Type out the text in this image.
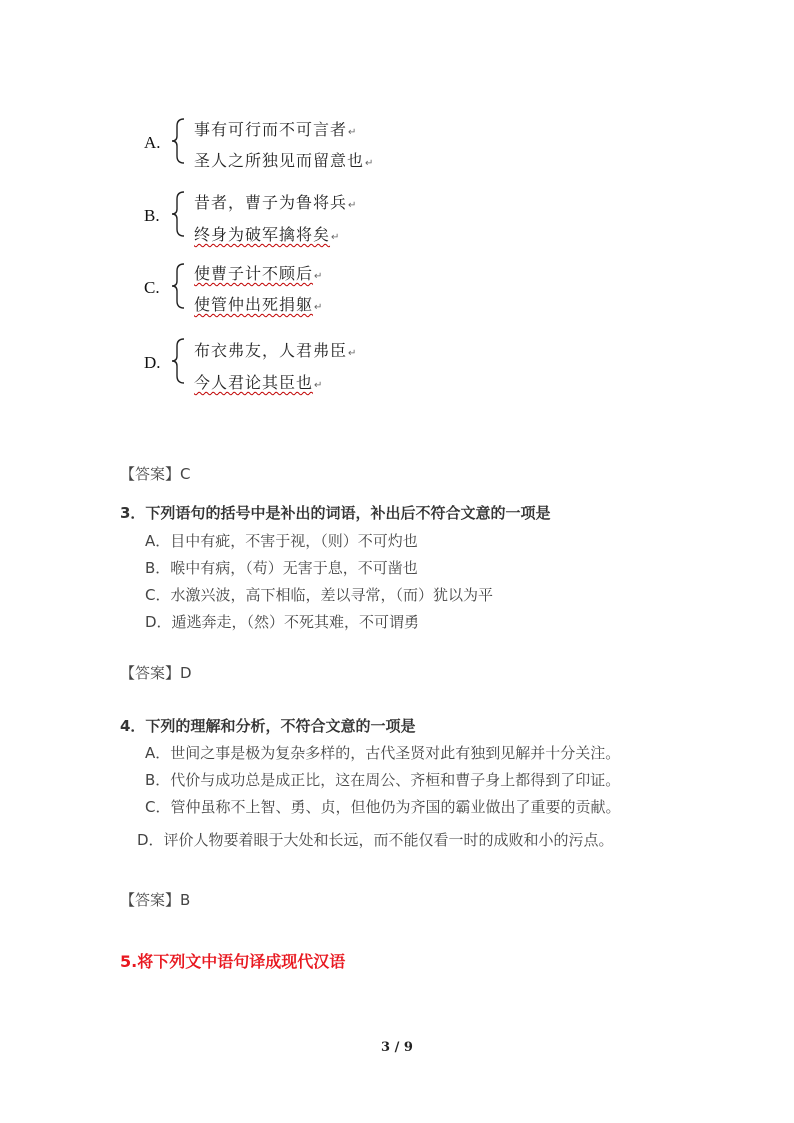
A.
事有可行而不可言者↵
圣人之所独见而留意也↵
B.
昔者，曹子为鲁将兵↵
终身为破军擒将矣↵
C.
使曹子计不顾后↵
使管仲出死捐躯↵
D.
布衣弗友，人君弗臣↵
今人君论其臣也↵
【答案】C
3．下列语句的括号中是补出的词语，补出后不符合文意的一项是
A．目中有疵，不害于视，（则）不可灼也
B．喉中有病，（苟）无害于息，不可凿也
C．水激兴波，高下相临，差以寻常，（而）犹以为平
D．遁逃奔走，（然）不死其难，不可谓勇
【答案】D
4．下列的理解和分析，不符合文意的一项是
A．世间之事是极为复杂多样的，古代圣贤对此有独到见解并十分关注。
B．代价与成功总是成正比，这在周公、齐桓和曹子身上都得到了印证。
C．管仲虽称不上智、勇、贞，但他仍为齐国的霸业做出了重要的贡献。
D．评价人物要着眼于大处和长远，而不能仅看一时的成败和小的污点。
【答案】B
5.将下列文中语句译成现代汉语
3 / 9
